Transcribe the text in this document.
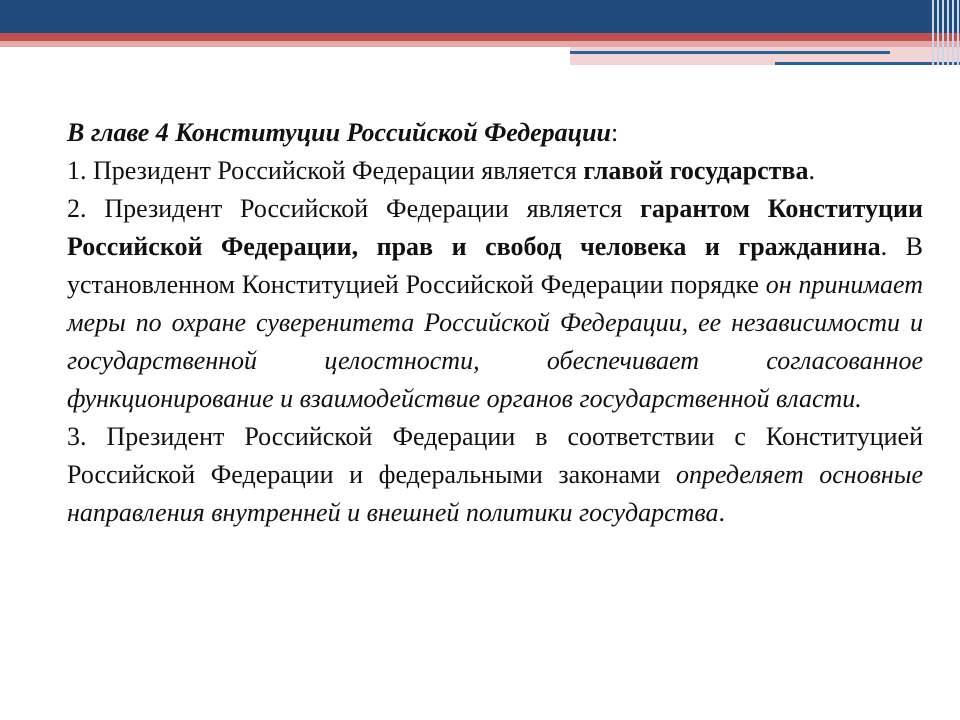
В главе 4 Конституции Российской Федерации:

1. Президент Российской Федерации является главой государства.

2. Президент Российской Федерации является гарантом Конституции Российской Федерации, прав и свобод человека и гражданина. В установленном Конституцией Российской Федерации порядке он принимает меры по охране суверенитета Российской Федерации, ее независимости и государственной целостности, обеспечивает согласованное функционирование и взаимодействие органов государственной власти.

3. Президент Российской Федерации в соответствии с Конституцией Российской Федерации и федеральными законами определяет основные направления внутренней и внешней политики государства.
